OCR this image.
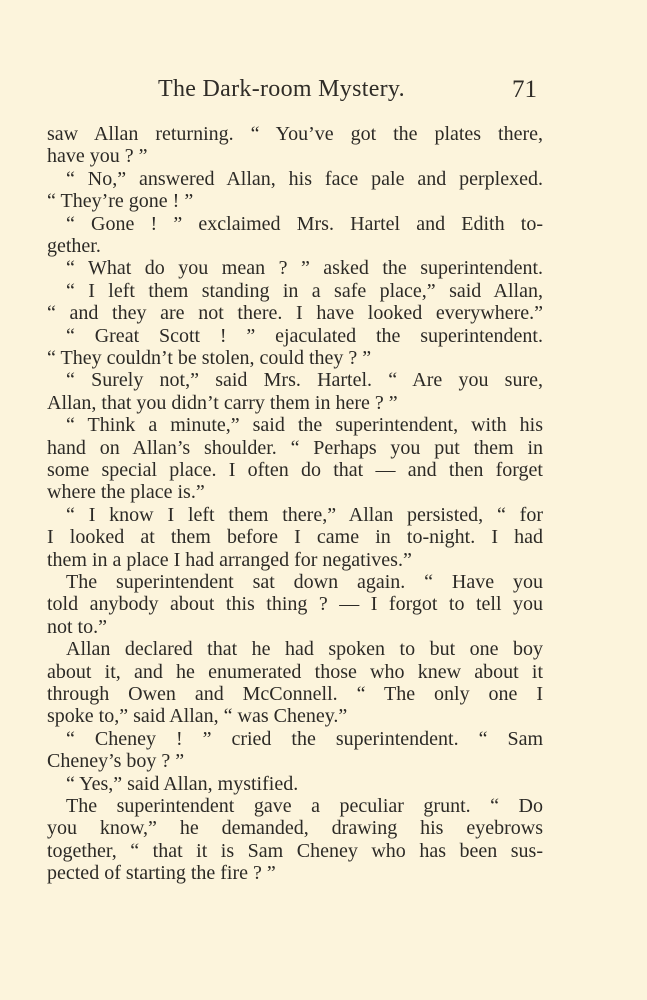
The Dark-room Mystery.	71
saw Allan returning. “ You’ve got the plates there,
have you ? ”
“ No,” answered Allan, his face pale and perplexed.
“ They’re gone ! ”
“ Gone ! ” exclaimed Mrs. Hartel and Edith to-
gether.
“ What do you mean ? ” asked the superintendent.
“ I left them standing in a safe place,” said Allan,
“ and they are not there. I have looked everywhere.”
“ Great Scott ! ” ejaculated the superintendent.
“ They couldn’t be stolen, could they ? ”
“ Surely not,” said Mrs. Hartel. “ Are you sure,
Allan, that you didn’t carry them in here ? ”
“ Think a minute,” said the superintendent, with his
hand on Allan’s shoulder. “ Perhaps you put them in
some special place. I often do that — and then forget
where the place is.”
“ I know I left them there,” Allan persisted, “ for
I looked at them before I came in to-night. I had
them in a place I had arranged for negatives.”
The superintendent sat down again. “ Have you
told anybody about this thing ? — I forgot to tell you
not to.”
Allan declared that he had spoken to but one boy
about it, and he enumerated those who knew about it
through Owen and McConnell. “ The only one I
spoke to,” said Allan, “ was Cheney.”
“ Cheney ! ” cried the superintendent. “ Sam
Cheney’s boy ? ”
“ Yes,” said Allan, mystified.
The superintendent gave a peculiar grunt. “ Do
you know,” he demanded, drawing his eyebrows
together, “ that it is Sam Cheney who has been sus-
pected of starting the fire ? ”
